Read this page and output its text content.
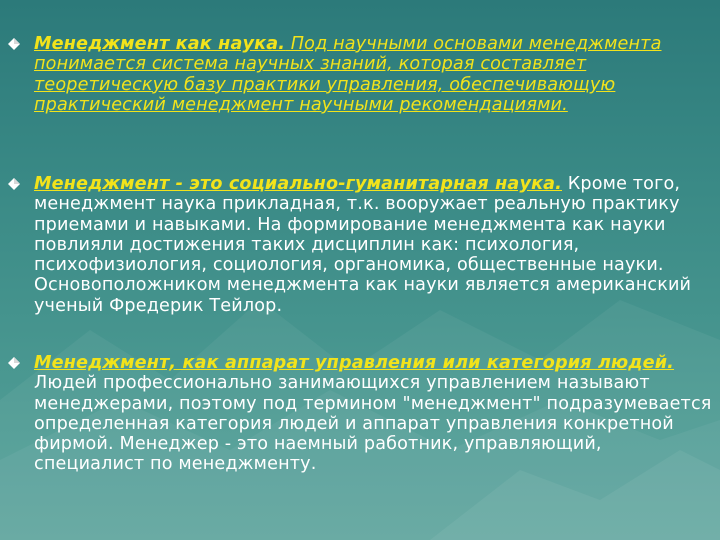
Менеджмент как наука. Под научными основами менеджмента понимается система научных знаний, которая составляет теоретическую базу практики управления, обеспечивающую практический менеджмент научными рекомендациями.
Менеджмент - это социально-гуманитарная наука. Кроме того, менеджмент наука прикладная, т.к. вооружает реальную практику приемами и навыками. На формирование менеджмента как науки повлияли достижения таких дисциплин как: психология, психофизиология, социология, органомика, общественные науки. Основоположником менеджмента как науки является американский ученый Фредерик Тейлор.
Менеджмент, как аппарат управления или категория людей. Людей профессионально занимающихся управлением называют менеджерами, поэтому под термином "менеджмент" подразумевается определенная категория людей и аппарат управления конкретной фирмой. Менеджер - это наемный работник, управляющий, специалист по менеджменту.
